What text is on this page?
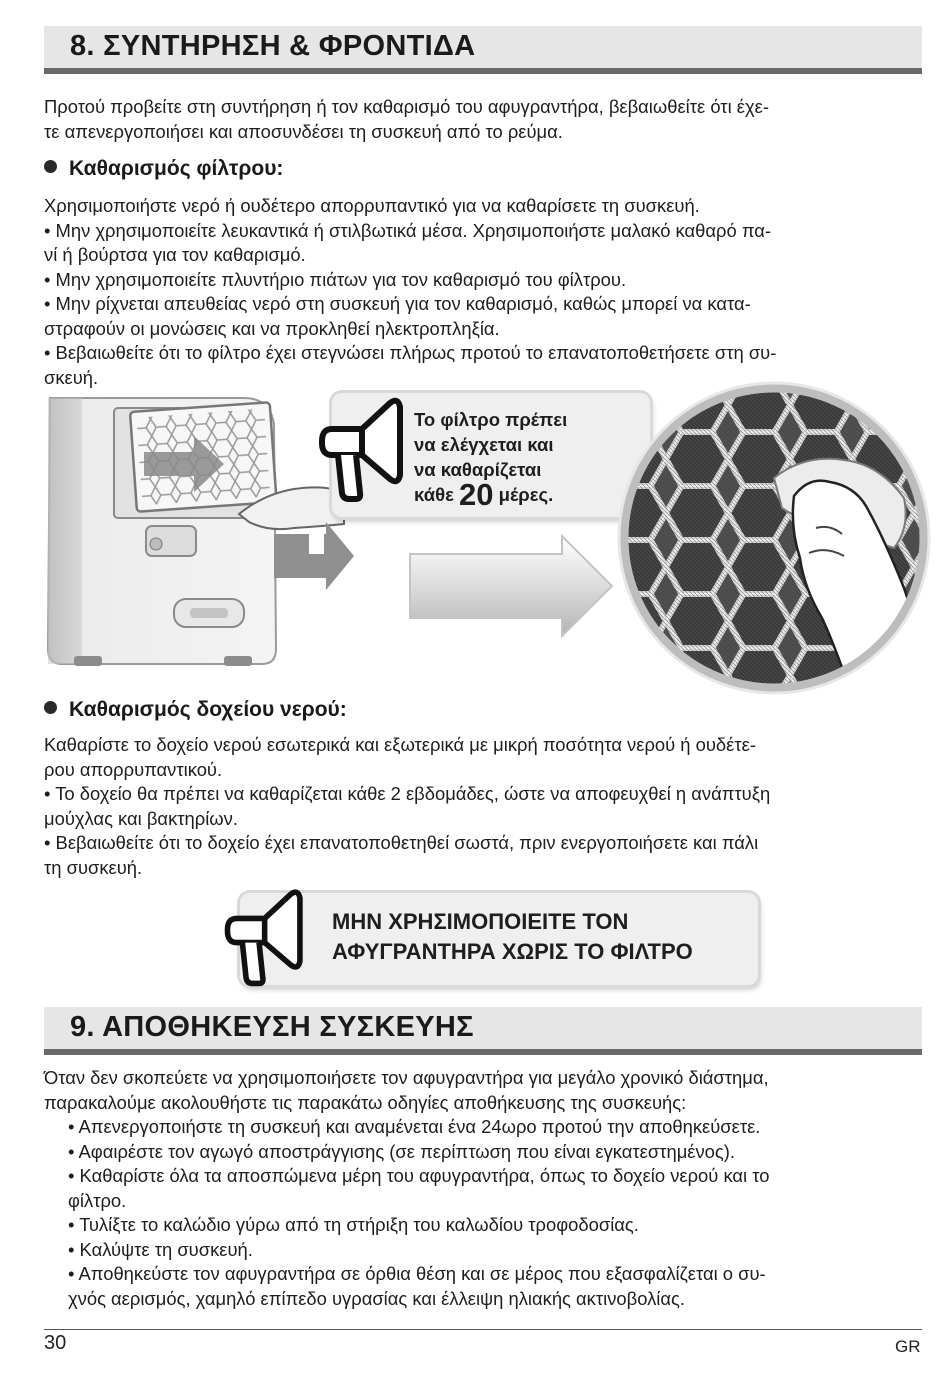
8. ΣΥΝΤΗΡΗΣΗ & ΦΡΟΝΤΙΔΑ

Προτού προβείτε στη συντήρηση ή τον καθαρισμό του αφυγραντήρα, βεβαιωθείτε ότι έχε-

τε απενεργοποιήσει και αποσυνδέσει τη συσκευή από το ρεύμα.

Καθαρισμός φίλτρου:

Χρησιμοποιήστε νερό ή ουδέτερο απορρυπαντικό για να καθαρίσετε τη συσκευή.

• Μην χρησιμοποιείτε λευκαντικά ή στιλβωτικά μέσα. Χρησιμοποιήστε μαλακό καθαρό πα-

νί ή βούρτσα για τον καθαρισμό.

• Μην χρησιμοποιείτε πλυντήριο πιάτων για τον καθαρισμό του φίλτρου.

• Μην ρίχνεται απευθείας νερό στη συσκευή για τον καθαρισμό, καθώς μπορεί να κατα-

στραφούν οι μονώσεις και να προκληθεί ηλεκτροπληξία.

• Βεβαιωθείτε ότι το φίλτρο έχει στεγνώσει πλήρως προτού το επανατοποθετήσετε στη συ-

σκευή.

Το φίλτρο πρέπει
να ελέγχεται και
να καθαρίζεται
κάθε 20 μέρες.
Καθαρισμός δοχείου νερού:

Καθαρίστε το δοχείο νερού εσωτερικά και εξωτερικά με μικρή ποσότητα νερού ή ουδέτε-

ρου απορρυπαντικού.

• Το δοχείο θα πρέπει να καθαρίζεται κάθε 2 εβδομάδες, ώστε να αποφευχθεί η ανάπτυξη

μούχλας και βακτηρίων.

• Βεβαιωθείτε ότι το δοχείο έχει επανατοποθετηθεί σωστά, πριν ενεργοποιήσετε και πάλι

τη συσκευή.

ΜΗΝ ΧΡΗΣΙΜΟΠΟΙΕΙΤΕ ΤΟΝ
ΑΦΥΓΡΑΝΤΗΡΑ ΧΩΡΙΣ ΤΟ ΦΙΛΤΡΟ
9. ΑΠΟΘΗΚΕΥΣΗ ΣΥΣΚΕΥΗΣ

Όταν δεν σκοπεύετε να χρησιμοποιήσετε τον αφυγραντήρα για μεγάλο χρονικό διάστημα,

παρακαλούμε ακολουθήστε τις παρακάτω οδηγίες αποθήκευσης της συσκευής:

• Απενεργοποιήστε τη συσκευή και αναμένεται ένα 24ωρο προτού την αποθηκεύσετε.

• Αφαιρέστε τον αγωγό αποστράγγισης (σε περίπτωση που είναι εγκατεστημένος).

• Καθαρίστε όλα τα αποσπώμενα μέρη του αφυγραντήρα, όπως το δοχείο νερού και το

φίλτρο.

• Τυλίξτε το καλώδιο γύρω από τη στήριξη του καλωδίου τροφοδοσίας.

• Καλύψτε τη συσκευή.

• Αποθηκεύστε τον αφυγραντήρα σε όρθια θέση και σε μέρος που εξασφαλίζεται ο συ-

χνός αερισμός, χαμηλό επίπεδο υγρασίας και έλλειψη ηλιακής ακτινοβολίας.

30	GR
